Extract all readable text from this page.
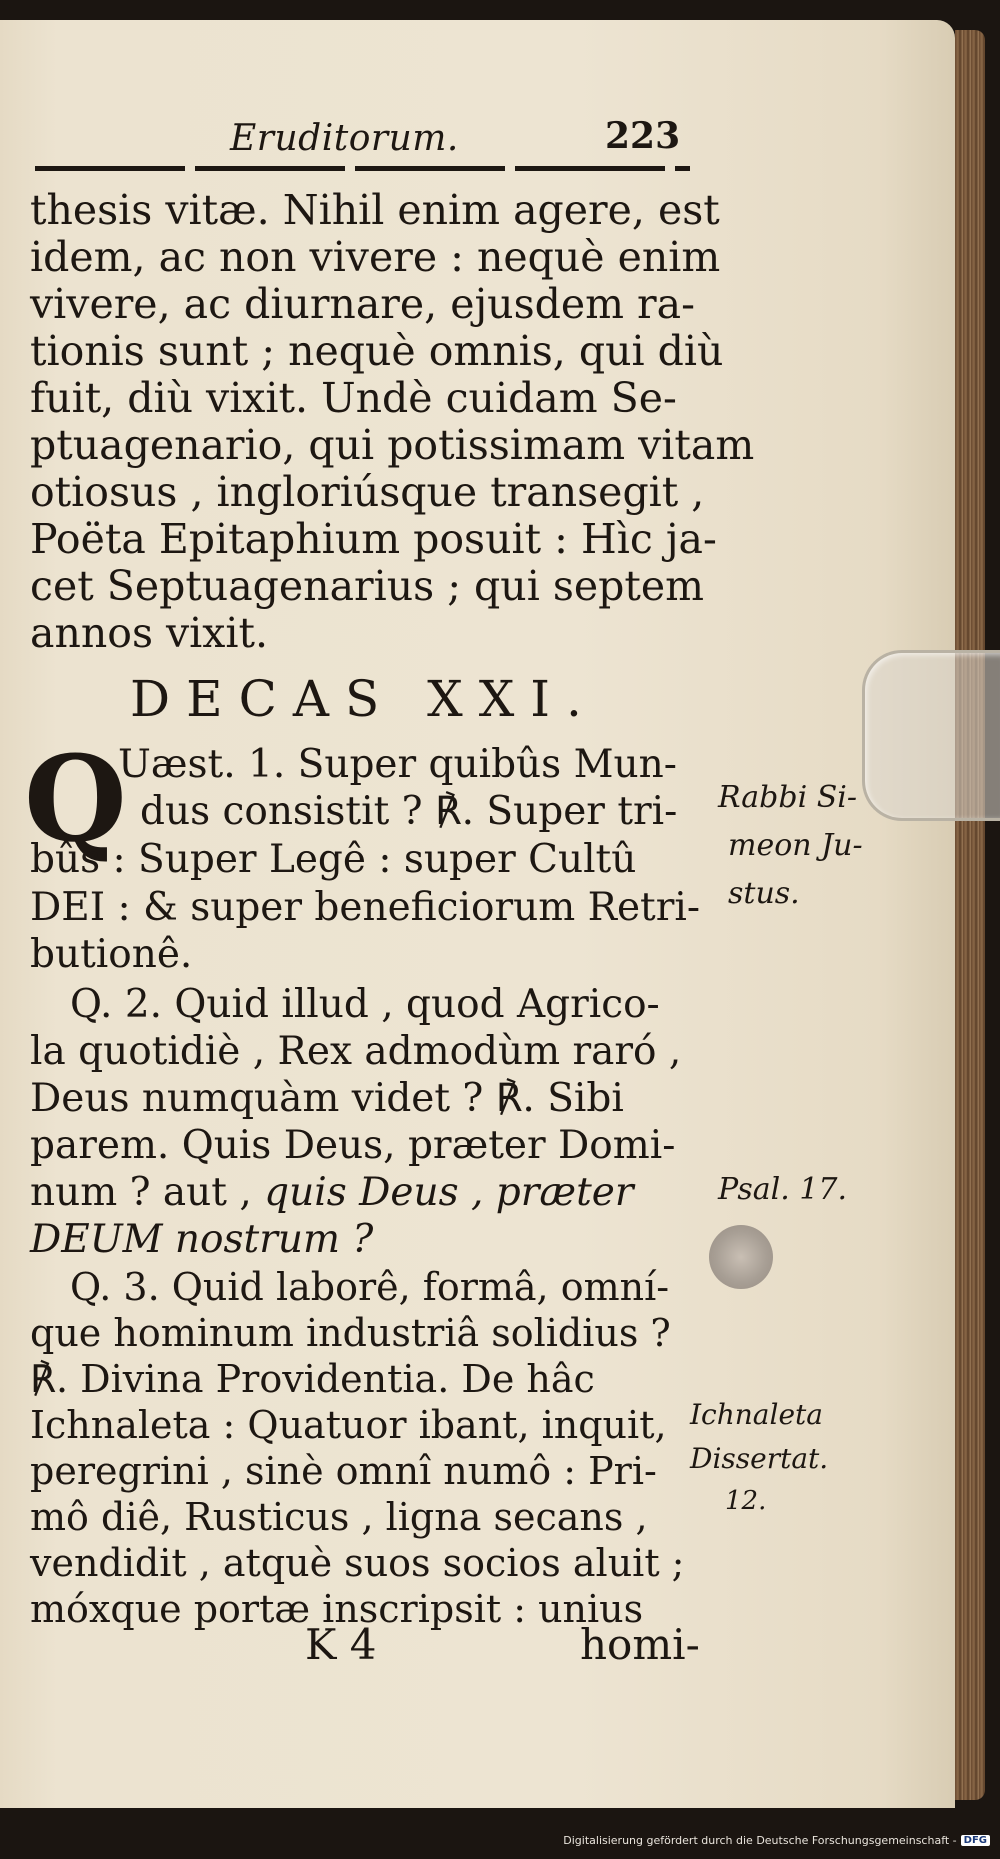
Eruditorum.	223
thesis vitæ. Nihil enim agere, est
idem, ac non vivere : nequè enim
vivere, ac diurnare, ejusdem ra-
tionis sunt ; nequè omnis, qui diù
fuit, diù vixit. Undè cuidam Se-
ptuagenario, qui potissimam vitam
otiosus , ingloriúsque transegit ,
Poëta Epitaphium posuit : Hìc ja-
cet Septuagenarius ; qui septem
annos vixit.
DECAS XXI.
Q
Uæst. 1. Super quibûs Mun-
dus consistit ? ℟. Super tri-
bûs : Super Legê : super Cultû
DEI : & super beneficiorum Retri-
butionê.
Rabbi Si-
meon Ju-
stus.
Q. 2. Quid illud , quod Agrico-
la quotidiè , Rex admodùm raró ,
Deus numquàm videt ? ℟. Sibi
parem. Quis Deus, præter Domi-
num ? aut , quis Deus , præter
DEUM nostrum ?
Psal. 17.
Q. 3. Quid laborê, formâ, omní-
que hominum industriâ solidius ?
℟. Divina Providentia. De hâc
Ichnaleta : Quatuor ibant, inquit,
peregrini , sinè omnî numô : Pri-
mô diê, Rusticus , ligna secans ,
vendidit , atquè suos socios aluit ;
móxque portæ inscripsit : unius
Ichnaleta
Dissertat.
12.
K 4	homi-
Digitalisierung gefördert durch die Deutsche Forschungsgemeinschaft - DFG
